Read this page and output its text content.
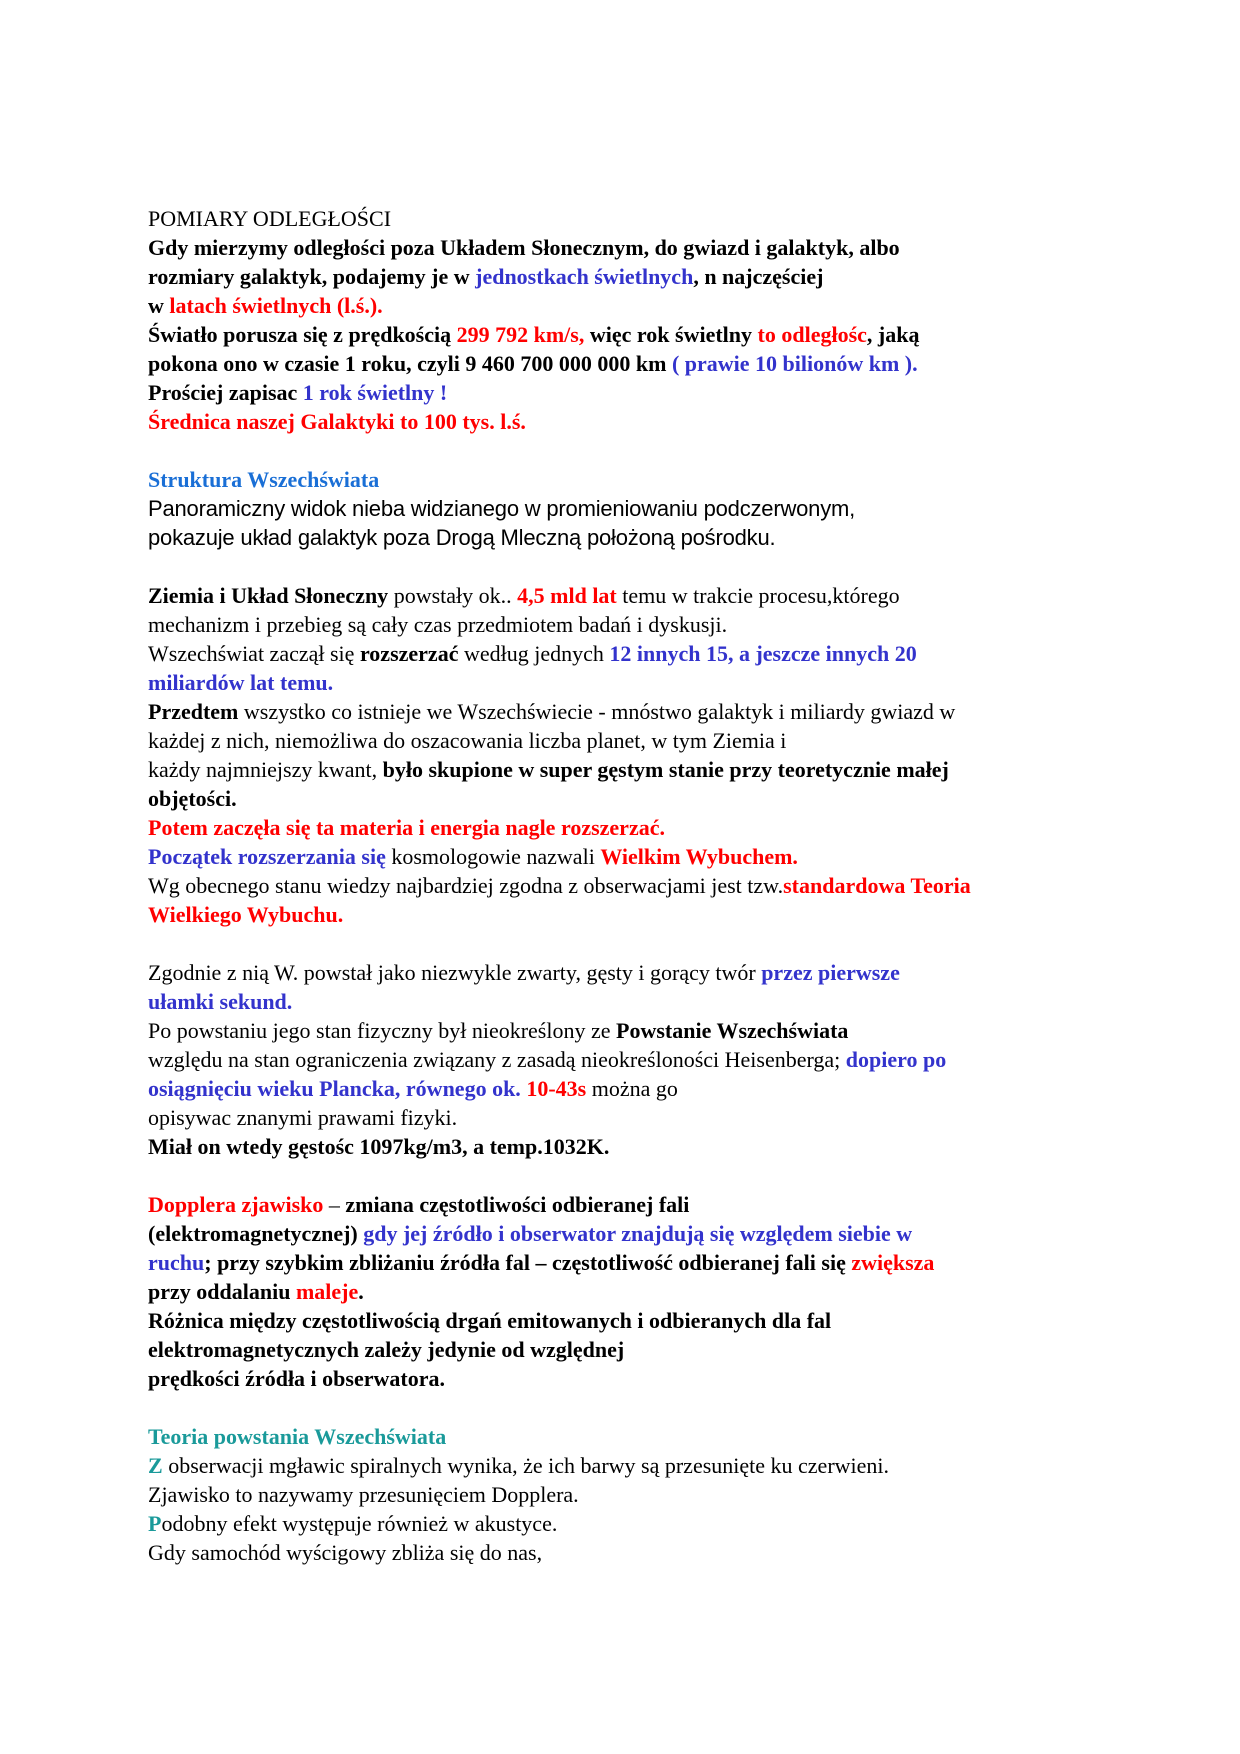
POMIARY ODLEGŁOŚCI
Gdy mierzymy odległości poza Układem Słonecznym, do gwiazd i galaktyk, albo
rozmiary galaktyk, podajemy je w jednostkach świetlnych, n najczęściej
w latach świetlnych (l.ś.).
Światło porusza się z prędkością 299 792 km/s, więc rok świetlny to odległośc, jaką
pokona ono w czasie 1 roku, czyli 9 460 700 000 000 km ( prawie 10 bilionów km ).
Prościej zapisac 1 rok świetlny !
Średnica naszej Galaktyki to 100 tys. l.ś.
Struktura Wszechświata
Panoramiczny widok nieba widzianego w promieniowaniu podczerwonym,
pokazuje układ galaktyk poza Drogą Mleczną położoną pośrodku.
Ziemia i Układ Słoneczny powstały ok.. 4,5 mld lat temu w trakcie procesu,którego
mechanizm i przebieg są cały czas przedmiotem badań i dyskusji.
Wszechświat zaczął się rozszerzać według jednych 12 innych 15, a jeszcze innych 20
miliardów lat temu.
Przedtem wszystko co istnieje we Wszechświecie - mnóstwo galaktyk i miliardy gwiazd w
każdej z nich, niemożliwa do oszacowania liczba planet, w tym Ziemia i
każdy najmniejszy kwant, było skupione w super gęstym stanie przy teoretycznie małej
objętości.
Potem zaczęła się ta materia i energia nagle rozszerzać.
Początek rozszerzania się kosmologowie nazwali Wielkim Wybuchem.
Wg obecnego stanu wiedzy najbardziej zgodna z obserwacjami jest tzw.standardowa Teoria
Wielkiego Wybuchu.
Zgodnie z nią W. powstał jako niezwykle zwarty, gęsty i gorący twór przez pierwsze
ułamki sekund.
Po powstaniu jego stan fizyczny był nieokreślony ze Powstanie Wszechświata
względu na stan ograniczenia związany z zasadą nieokreśloności Heisenberga; dopiero po
osiągnięciu wieku Plancka, równego ok. 10-43s można go
opisywac znanymi prawami fizyki.
Miał on wtedy gęstośc 1097kg/m3, a temp.1032K.
Dopplera zjawisko – zmiana częstotliwości odbieranej fali
(elektromagnetycznej) gdy jej źródło i obserwator znajdują się względem siebie w
ruchu; przy szybkim zbliżaniu źródła fal – częstotliwość odbieranej fali się zwiększa
przy oddalaniu maleje.
Różnica między częstotliwością drgań emitowanych i odbieranych dla fal
elektromagnetycznych zależy jedynie od względnej
prędkości źródła i obserwatora.
Teoria powstania Wszechświata
Z obserwacji mgławic spiralnych wynika, że ich barwy są przesunięte ku czerwieni.
Zjawisko to nazywamy przesunięciem Dopplera.
Podobny efekt występuje również w akustyce.
Gdy samochód wyścigowy zbliża się do nas,
